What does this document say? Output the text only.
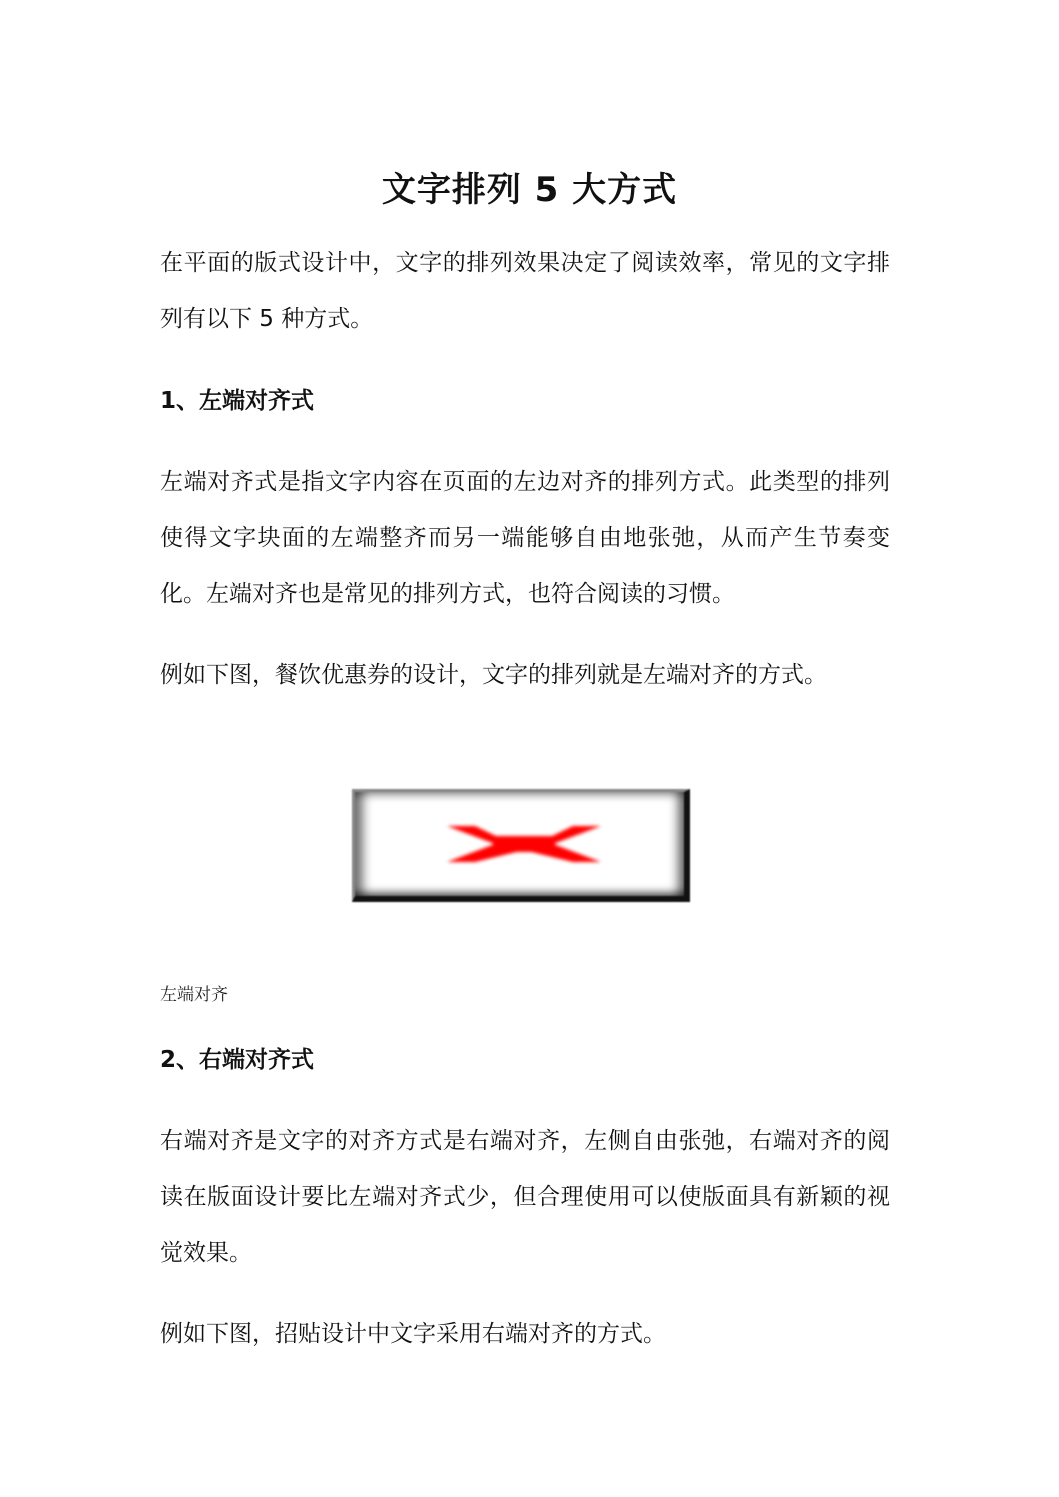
文字排列 5 大方式

在平面的版式设计中，文字的排列效果决定了阅读效率，常见的文字排列有以下 5 种方式。

1、左端对齐式

左端对齐式是指文字内容在页面的左边对齐的排列方式。此类型的排列使得文字块面的左端整齐而另一端能够自由地张弛，从而产生节奏变化。左端对齐也是常见的排列方式，也符合阅读的习惯。

例如下图，餐饮优惠券的设计，文字的排列就是左端对齐的方式。

左端对齐

2、右端对齐式

右端对齐是文字的对齐方式是右端对齐，左侧自由张弛，右端对齐的阅读在版面设计要比左端对齐式少，但合理使用可以使版面具有新颖的视觉效果。

例如下图，招贴设计中文字采用右端对齐的方式。
